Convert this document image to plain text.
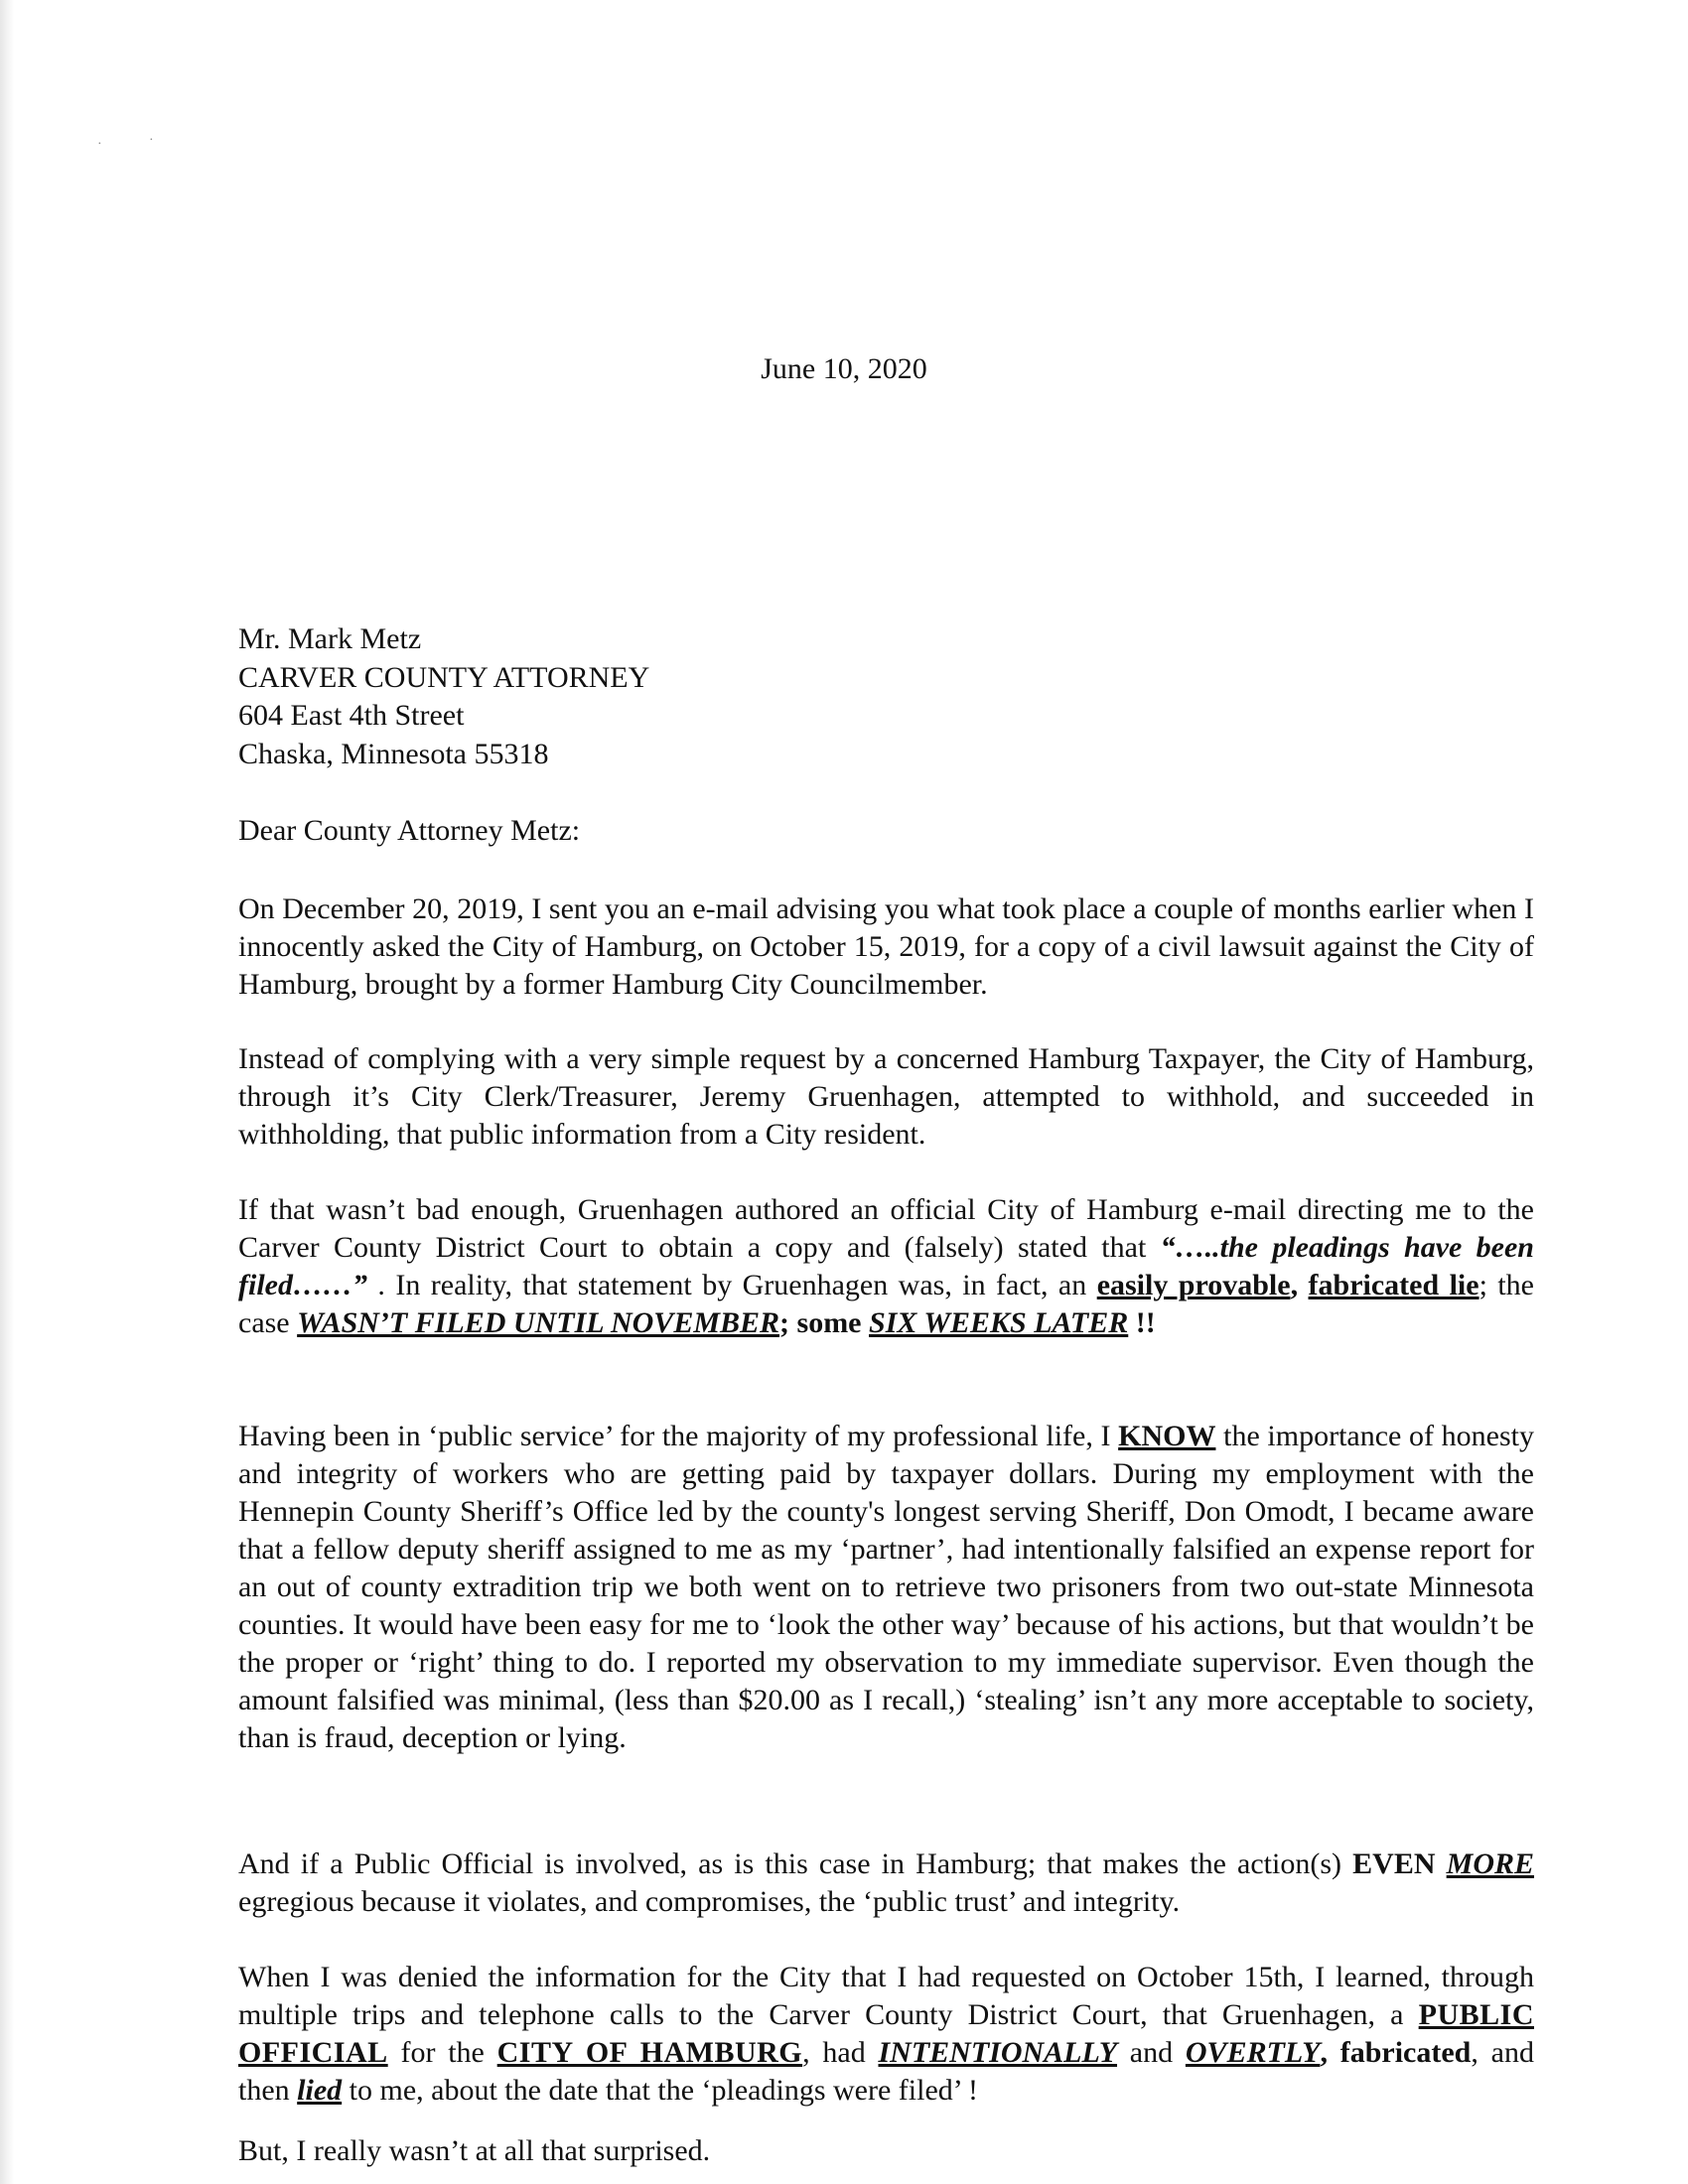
·	·
June 10, 2020
Mr. Mark Metz
CARVER COUNTY ATTORNEY
604 East 4th Street
Chaska, Minnesota 55318
Dear County Attorney Metz:
On December 20, 2019, I sent you an e-mail advising you what took place a couple of months earlier when I innocently asked the City of Hamburg, on October 15, 2019, for a copy of a civil lawsuit against the City of Hamburg, brought by a former Hamburg City Councilmember.
Instead of complying with a very simple request by a concerned Hamburg Taxpayer, the City of Hamburg, through it’s City Clerk/Treasurer, Jeremy Gruenhagen, attempted to withhold, and succeeded in withholding, that public information from a City resident.
If that wasn’t bad enough, Gruenhagen authored an official City of Hamburg e-mail directing me to the Carver County District Court to obtain a copy and (falsely) stated that “…..the pleadings have been filed……” . In reality, that statement by Gruenhagen was, in fact, an easily provable, fabricated lie; the case WASN’T FILED UNTIL NOVEMBER; some SIX WEEKS LATER !!
Having been in ‘public service’ for the majority of my professional life, I KNOW the importance of honesty and integrity of workers who are getting paid by taxpayer dollars. During my employment with the Hennepin County Sheriff’s Office led by the county's longest serving Sheriff, Don Omodt, I became aware that a fellow deputy sheriff assigned to me as my ‘partner’, had intentionally falsified an expense report for an out of county extradition trip we both went on to retrieve two prisoners from two out-state Minnesota counties. It would have been easy for me to ‘look the other way’ because of his actions, but that wouldn’t be the proper or ‘right’ thing to do. I reported my observation to my immediate supervisor. Even though the amount falsified was minimal, (less than $20.00 as I recall,) ‘stealing’ isn’t any more acceptable to society, than is fraud, deception or lying.
And if a Public Official is involved, as is this case in Hamburg; that makes the action(s) EVEN MORE egregious because it violates, and compromises, the ‘public trust’ and integrity.
When I was denied the information for the City that I had requested on October 15th, I learned, through multiple trips and telephone calls to the Carver County District Court, that Gruenhagen, a PUBLIC OFFICIAL for the CITY OF HAMBURG, had INTENTIONALLY and OVERTLY, fabricated, and then lied to me, about the date that the ‘pleadings were filed’ !
But, I really wasn’t at all that surprised.
